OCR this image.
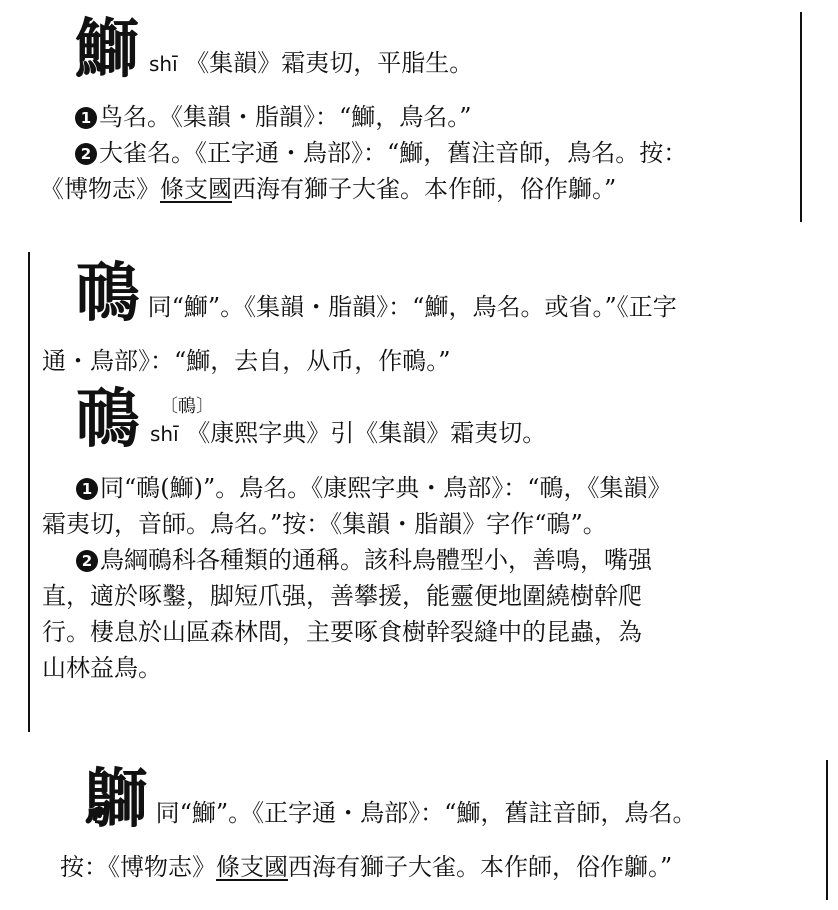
鰤shī 《集韻》霜夷切，平脂生。
1 鸟名。《集韻・脂韻》：“鰤，鳥名。”
2 大雀名。《正字通・鳥部》：“鰤，舊注音師，鳥名。按：
《博物志》條支國西海有獅子大雀。本作師，俗作鶳。”
鳾 同“鰤”。《集韻・脂韻》：“鰤，鳥名。或省。”《正字
通・鳥部》：“鰤，去自，从币，作鳾。”
〔鳾〕
鳾shī 《康熙字典》引《集韻》霜夷切。
1 同“鳾(鰤)”。鳥名。《康熙字典・鳥部》：“鳾，《集韻》
霜夷切，音師。鳥名。”按：《集韻・脂韻》字作“鳾”。
2 鳥綱鳾科各種類的通稱。該科鳥體型小，善鳴，嘴强
直，適於啄鑿，脚短爪强，善攀援，能靈便地圍繞樹幹爬
行。棲息於山區森林間，主要啄食樹幹裂縫中的昆蟲，為
山林益鳥。
鶳 同“鰤”。《正字通・鳥部》：“鰤，舊註音師，鳥名。
按：《博物志》條支國西海有獅子大雀。本作師，俗作鶳。”
